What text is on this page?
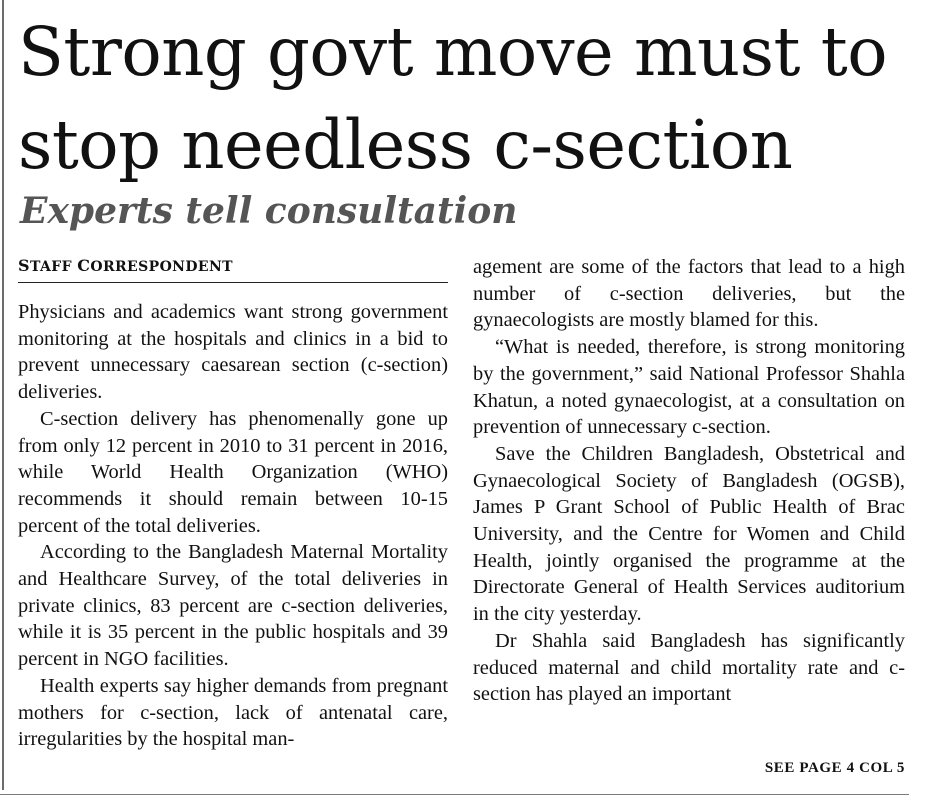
Strong govt move must to
stop needless c-section
Experts tell consultation
STAFF CORRESPONDENT

Physicians and academics want strong government monitoring at the hospitals and clinics in a bid to prevent unnecessary caesarean section (c-section) deliveries.

C-section delivery has phenomenally gone up from only 12 percent in 2010 to 31 percent in 2016, while World Health Organization (WHO) recommends it should remain between 10-15 percent of the total deliveries.

According to the Bangladesh Maternal Mortality and Healthcare Survey, of the total deliveries in private clinics, 83 percent are c-section deliveries, while it is 35 percent in the public hospitals and 39 percent in NGO facilities.

Health experts say higher demands from pregnant mothers for c-section, lack of antenatal care, irregularities by the hospital man-

agement are some of the factors that lead to a high number of c-section deliveries, but the gynaecologists are mostly blamed for this.

“What is needed, therefore, is strong monitoring by the government,” said National Professor Shahla Khatun, a noted gynaecologist, at a consultation on prevention of unnecessary c-section.

Save the Children Bangladesh, Obstetrical and Gynaecological Society of Bangladesh (OGSB), James P Grant School of Public Health of Brac University, and the Centre for Women and Child Health, jointly organised the programme at the Directorate General of Health Services auditorium in the city yesterday.

Dr Shahla said Bangladesh has significantly reduced maternal and child mortality rate and c-section has played an important

SEE PAGE 4 COL 5
